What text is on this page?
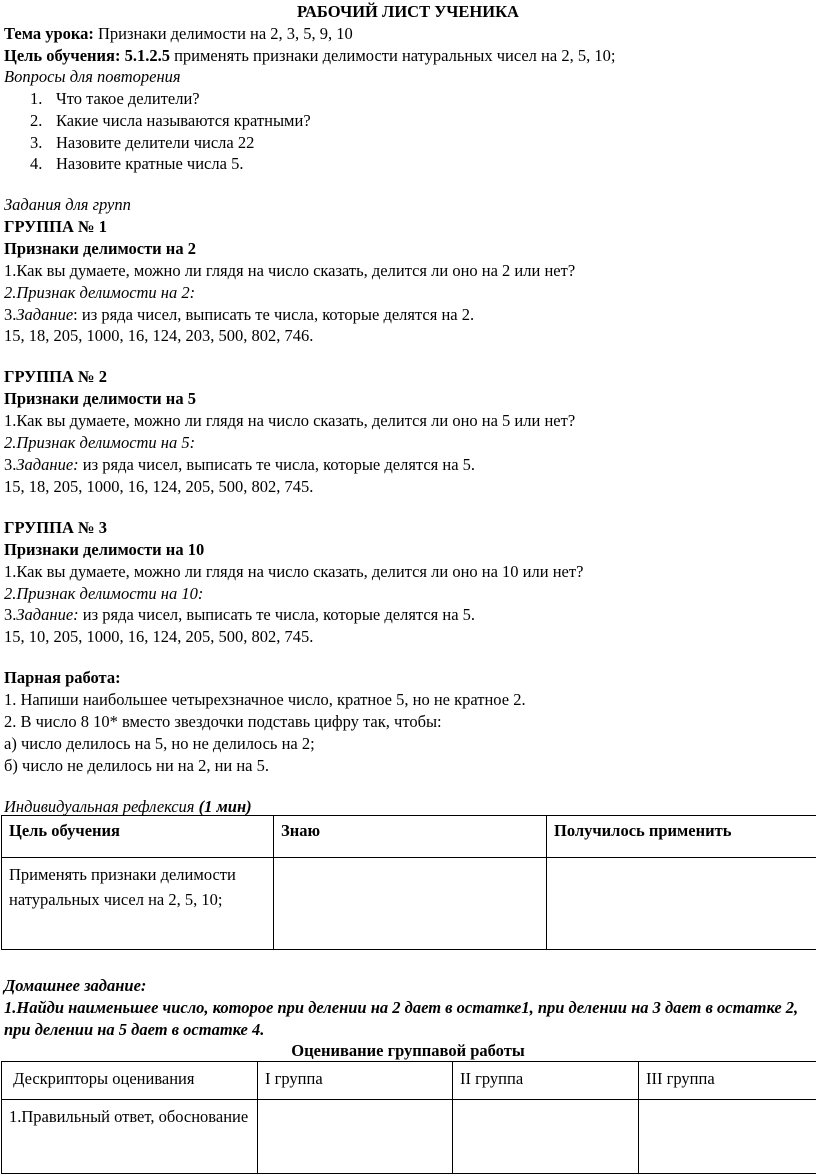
РАБОЧИЙ ЛИСТ УЧЕНИКА
Тема урока: Признаки делимости на 2, 3, 5, 9, 10
Цель обучения: 5.1.2.5 применять признаки делимости натуральных чисел на 2, 5, 10;
Вопросы для повторения
1. Что такое делители?
2. Какие числа называются кратными?
3. Назовите делители числа 22
4. Назовите кратные числа 5.
Задания для групп
ГРУППА № 1
Признаки делимости на 2
1.Как вы думаете, можно ли глядя на число сказать, делится ли оно на 2 или нет?
2.Признак делимости на 2:
3.Задание: из ряда чисел, выписать те числа, которые делятся на 2.
15, 18, 205, 1000, 16, 124, 203, 500, 802, 746.
ГРУППА № 2
Признаки делимости на 5
1.Как вы думаете, можно ли глядя на число сказать, делится ли оно на 5 или нет?
2.Признак делимости на 5:
3.Задание: из ряда чисел, выписать те числа, которые делятся на 5.
15, 18, 205, 1000, 16, 124, 205, 500, 802, 745.
ГРУППА № 3
Признаки делимости на 10
1.Как вы думаете, можно ли глядя на число сказать, делится ли оно на 10 или нет?
2.Признак делимости на 10:
3.Задание: из ряда чисел, выписать те числа, которые делятся на 5.
15, 10, 205, 1000, 16, 124, 205, 500, 802, 745.
Парная работа:
1. Напиши наибольшее четырехзначное число, кратное 5, но не кратное 2.
2. В число 8 10* вместо звездочки подставь цифру так, чтобы:
а) число делилось на 5, но не делилось на 2;
б) число не делилось ни на 2, ни на 5.
Индивидуальная рефлексия (1 мин)
Цель обучения	Знаю	Получилось применить
Применять признаки делимости натуральных чисел на 2, 5, 10;		
Домашнее задание:
1.Найди наименьшее число, которое при делении на 2 дает в остатке1, при делении на 3 дает в остатке 2, при делении на 5 дает в остатке 4.
Оценивание группавой работы
Дескрипторы оценивания	I группа	II группа	III группа
1.Правильный ответ, обоснование			
